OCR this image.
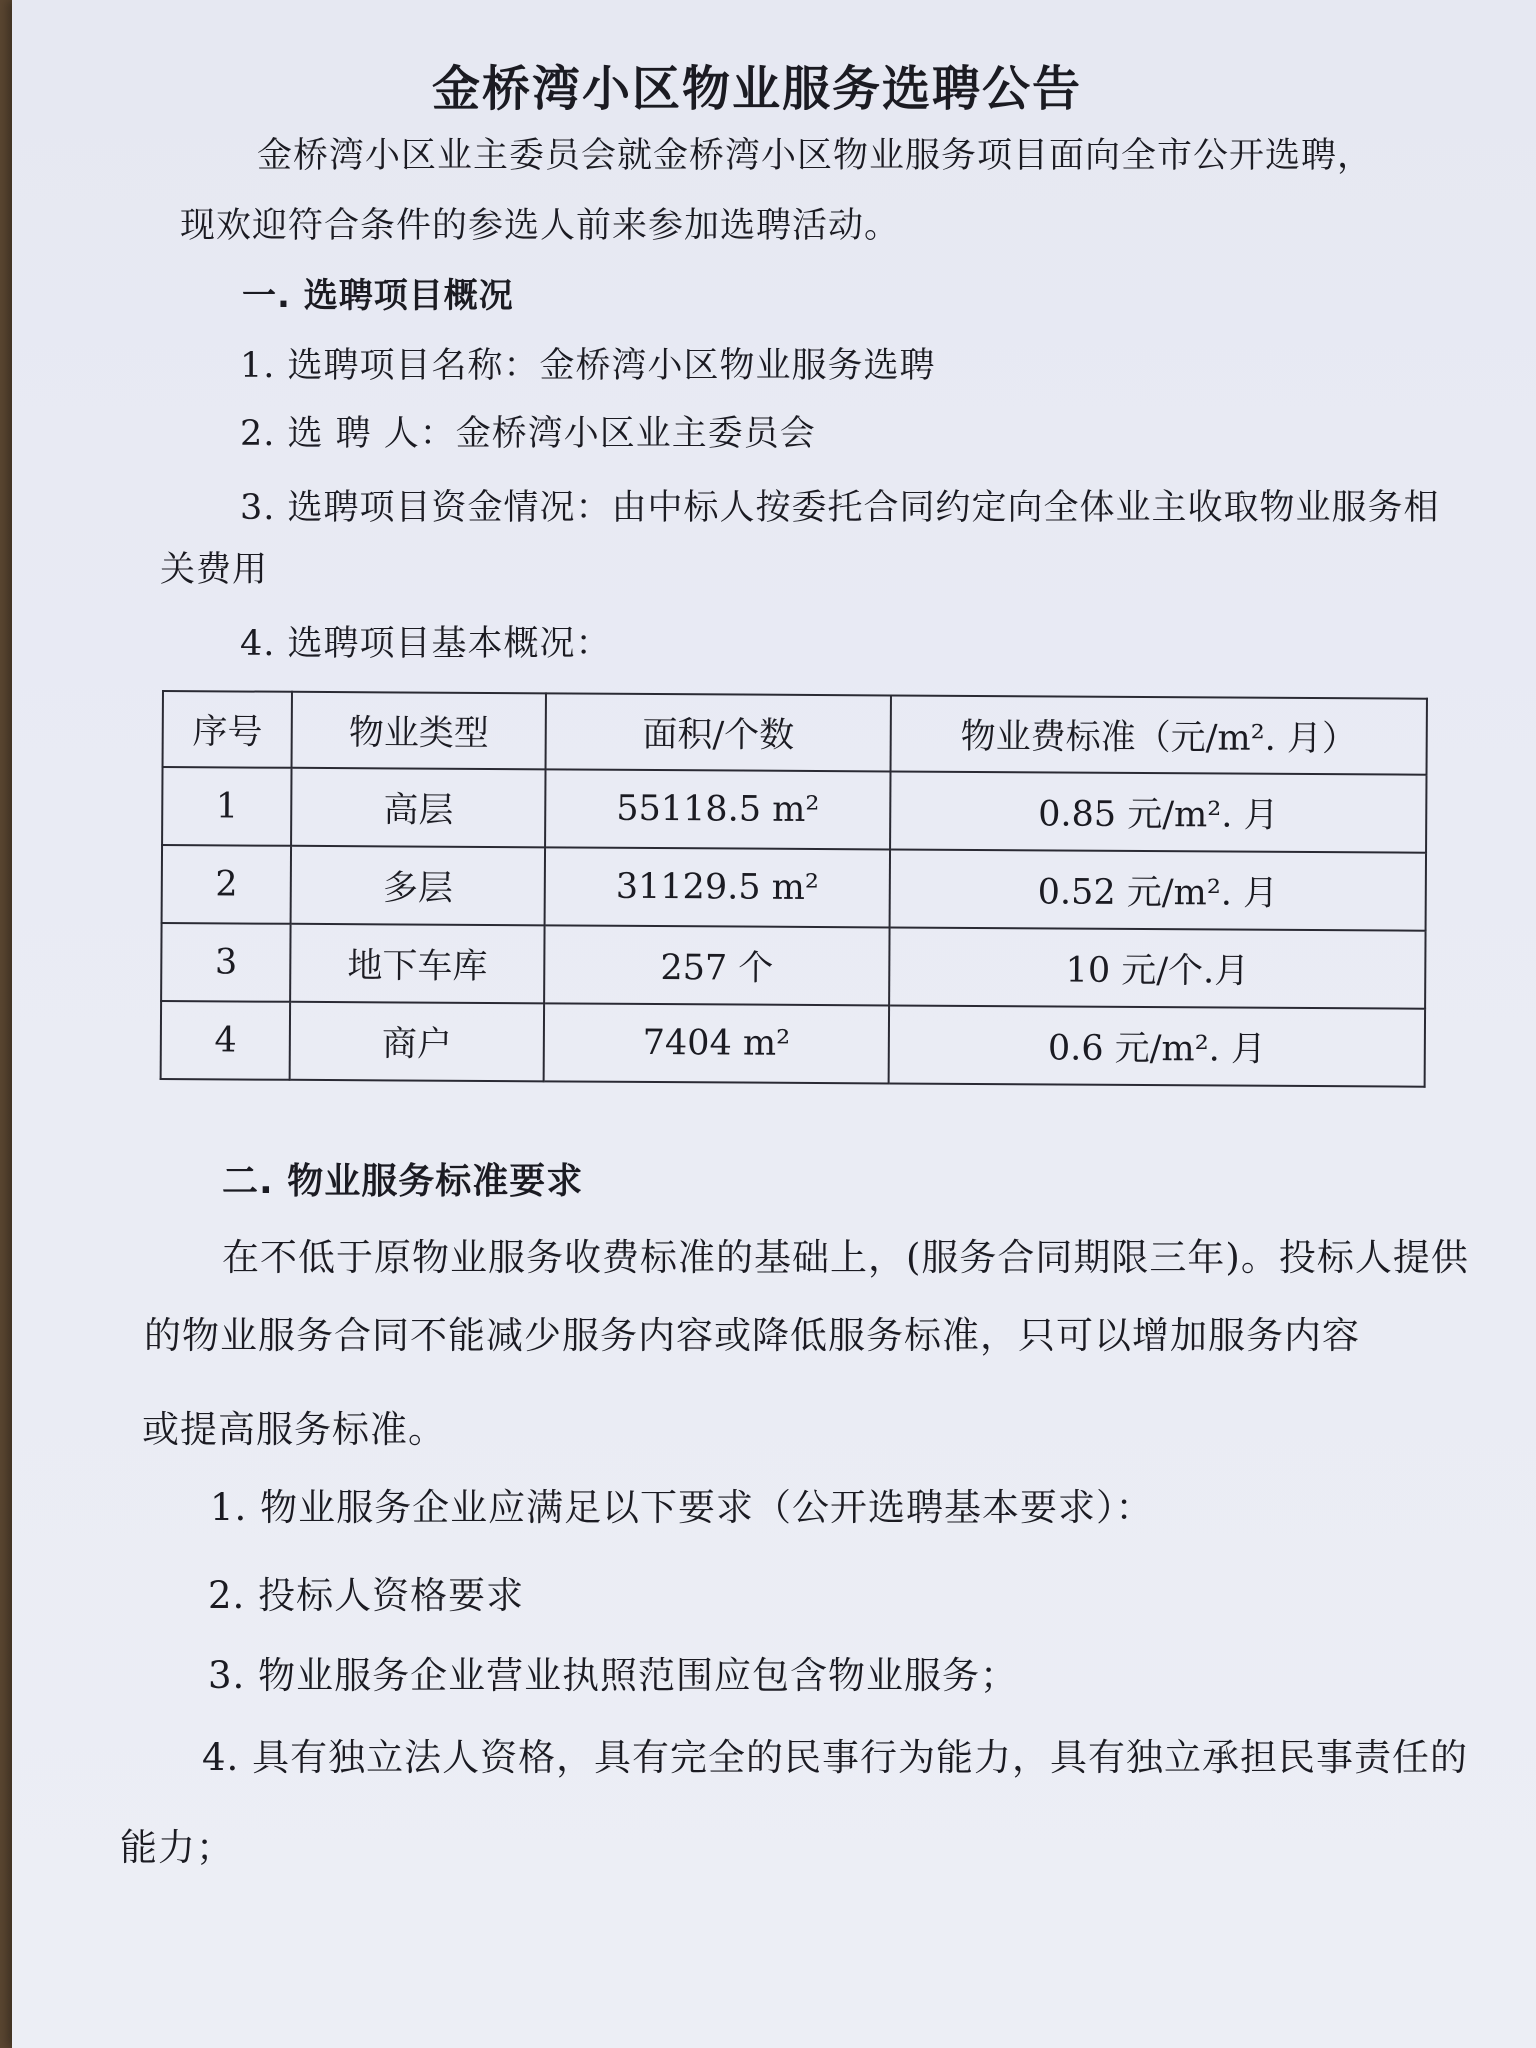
金桥湾小区物业服务选聘公告
金桥湾小区业主委员会就金桥湾小区物业服务项目面向全市公开选聘，
现欢迎符合条件的参选人前来参加选聘活动。
一. 选聘项目概况
1. 选聘项目名称：金桥湾小区物业服务选聘
2. 选 聘 人：金桥湾小区业主委员会
3. 选聘项目资金情况：由中标人按委托合同约定向全体业主收取物业服务相
关费用
4. 选聘项目基本概况：
序号	物业类型	面积/个数	物业费标准（元/m². 月）
1	高层	55118.5 m²	0.85 元/m². 月
2	多层	31129.5 m²	0.52 元/m². 月
3	地下车库	257 个	10 元/个.月
4	商户	7404 m²	0.6 元/m². 月
二. 物业服务标准要求
在不低于原物业服务收费标准的基础上，(服务合同期限三年)。投标人提供
的物业服务合同不能减少服务内容或降低服务标准，只可以增加服务内容
或提高服务标准。
1. 物业服务企业应满足以下要求（公开选聘基本要求）：
2. 投标人资格要求
3. 物业服务企业营业执照范围应包含物业服务；
4. 具有独立法人资格，具有完全的民事行为能力，具有独立承担民事责任的
能力；
